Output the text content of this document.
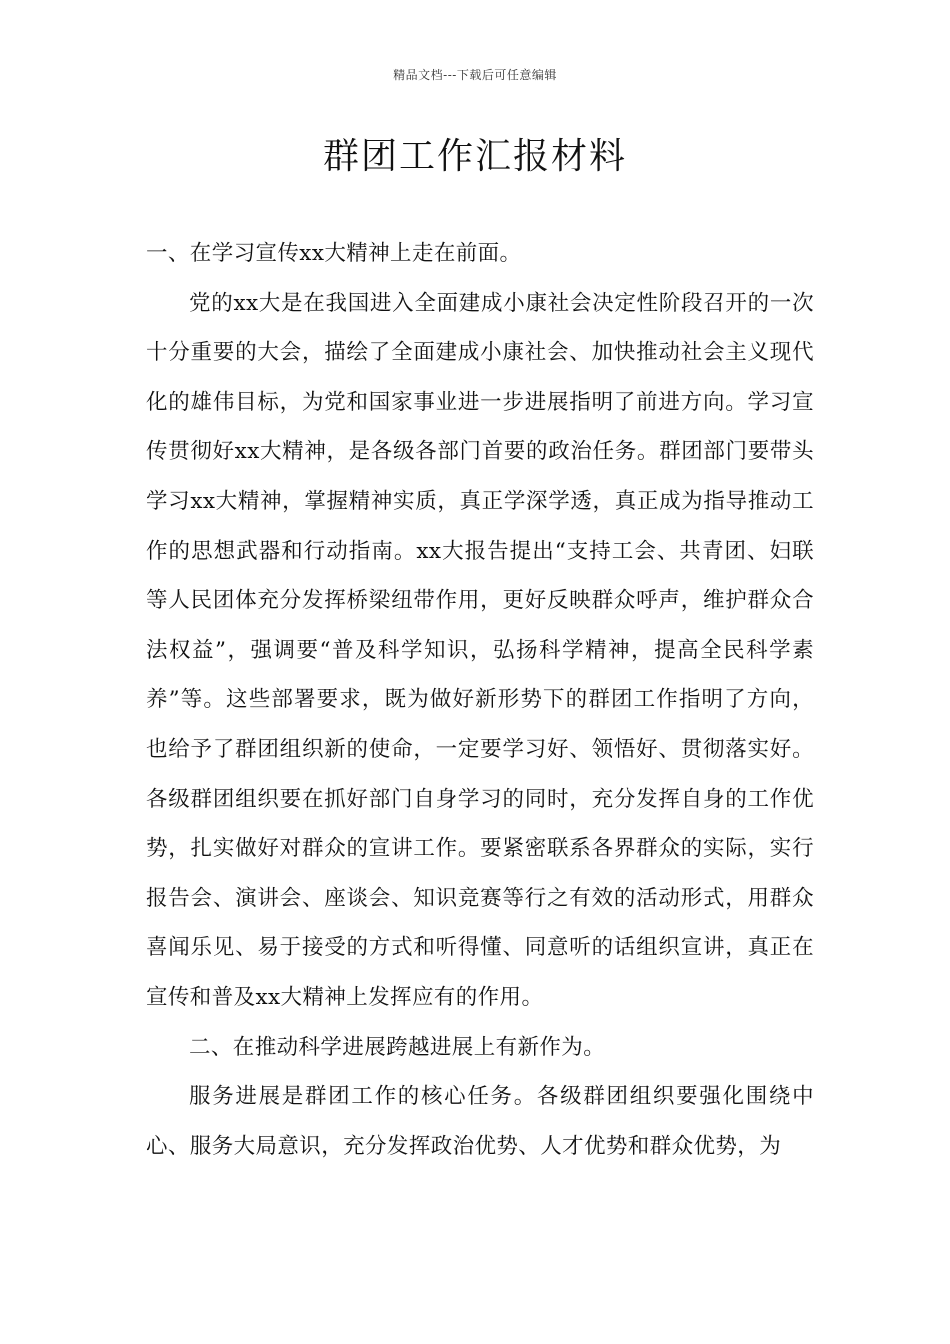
精品文档---下载后可任意编辑
群团工作汇报材料

一、在学习宣传xx大精神上走在前面。

党的xx大是在我国进入全面建成小康社会决定性阶段召开的一次十分重要的大会，描绘了全面建成小康社会、加快推动社会主义现代化的雄伟目标，为党和国家事业进一步进展指明了前进方向。学习宣传贯彻好xx大精神，是各级各部门首要的政治任务。群团部门要带头学习xx大精神，掌握精神实质，真正学深学透，真正成为指导推动工作的思想武器和行动指南。xx大报告提出“支持工会、共青团、妇联等人民团体充分发挥桥梁纽带作用，更好反映群众呼声，维护群众合法权益”，强调要“普及科学知识，弘扬科学精神，提高全民科学素养”等。这些部署要求，既为做好新形势下的群团工作指明了方向，也给予了群团组织新的使命，一定要学习好、领悟好、贯彻落实好。各级群团组织要在抓好部门自身学习的同时，充分发挥自身的工作优势，扎实做好对群众的宣讲工作。要紧密联系各界群众的实际，实行报告会、演讲会、座谈会、知识竞赛等行之有效的活动形式，用群众喜闻乐见、易于接受的方式和听得懂、同意听的话组织宣讲，真正在宣传和普及xx大精神上发挥应有的作用。

二、在推动科学进展跨越进展上有新作为。

服务进展是群团工作的核心任务。各级群团组织要强化围绕中心、服务大局意识，充分发挥政治优势、人才优势和群众优势，为
